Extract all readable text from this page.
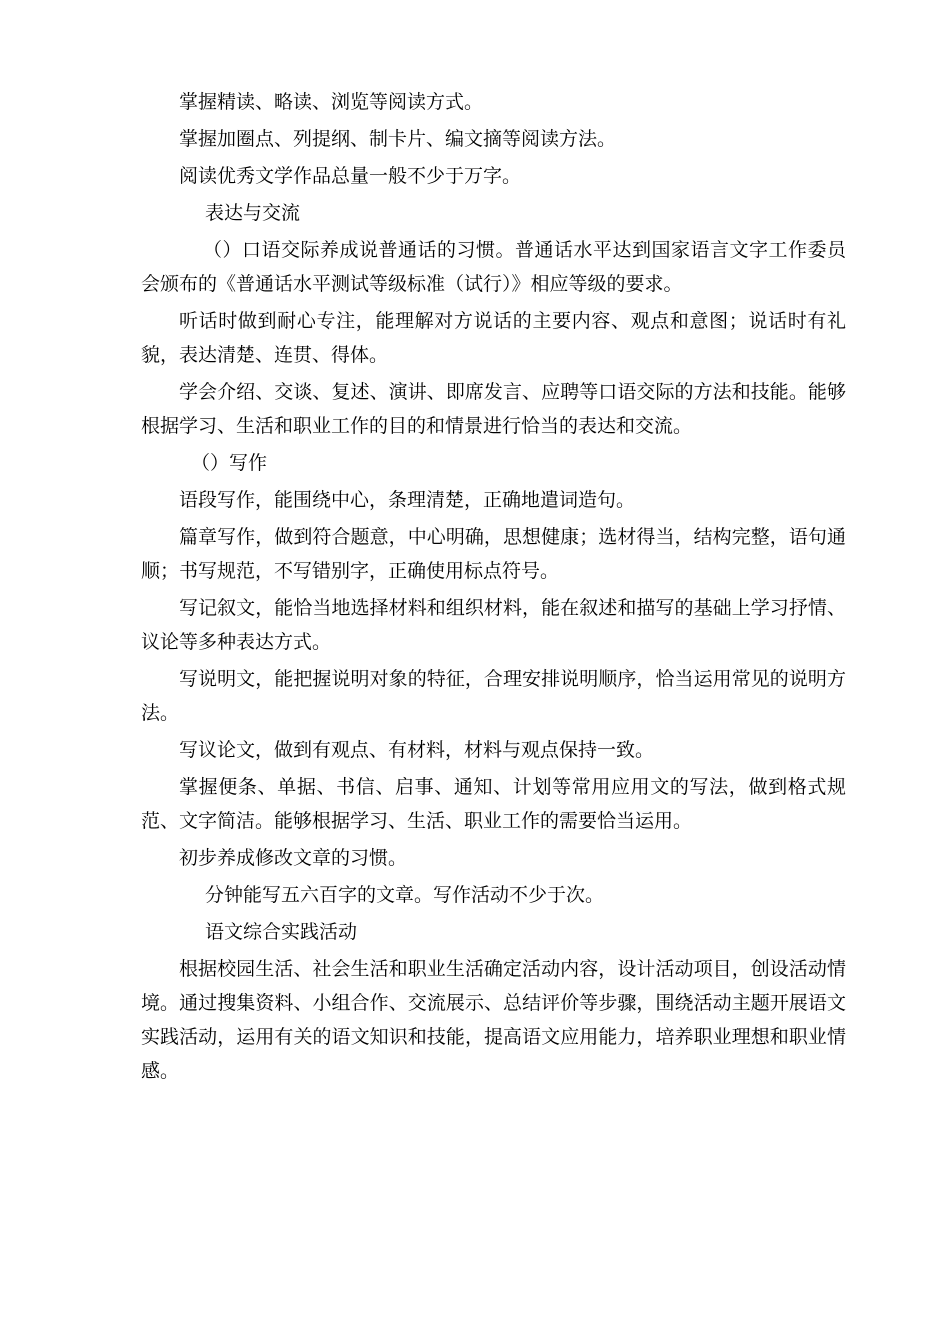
掌握精读、略读、浏览等阅读方式。

掌握加圈点、列提纲、制卡片、编文摘等阅读方法。

阅读优秀文学作品总量一般不少于万字。

表达与交流

（）口语交际养成说普通话的习惯。普通话水平达到国家语言文字工作委员会颁布的《普通话水平测试等级标准（试行）》相应等级的要求。

听话时做到耐心专注，能理解对方说话的主要内容、观点和意图；说话时有礼貌，表达清楚、连贯、得体。

学会介绍、交谈、复述、演讲、即席发言、应聘等口语交际的方法和技能。能够根据学习、生活和职业工作的目的和情景进行恰当的表达和交流。

（）写作

语段写作，能围绕中心，条理清楚，正确地遣词造句。

篇章写作，做到符合题意，中心明确，思想健康；选材得当，结构完整，语句通顺；书写规范，不写错别字，正确使用标点符号。

写记叙文，能恰当地选择材料和组织材料，能在叙述和描写的基础上学习抒情、议论等多种表达方式。

写说明文，能把握说明对象的特征，合理安排说明顺序，恰当运用常见的说明方法。

写议论文，做到有观点、有材料，材料与观点保持一致。

掌握便条、单据、书信、启事、通知、计划等常用应用文的写法，做到格式规范、文字简洁。能够根据学习、生活、职业工作的需要恰当运用。

初步养成修改文章的习惯。

分钟能写五六百字的文章。写作活动不少于次。

语文综合实践活动

根据校园生活、社会生活和职业生活确定活动内容，设计活动项目，创设活动情境。通过搜集资料、小组合作、交流展示、总结评价等步骤，围绕活动主题开展语文实践活动，运用有关的语文知识和技能，提高语文应用能力，培养职业理想和职业情感。
